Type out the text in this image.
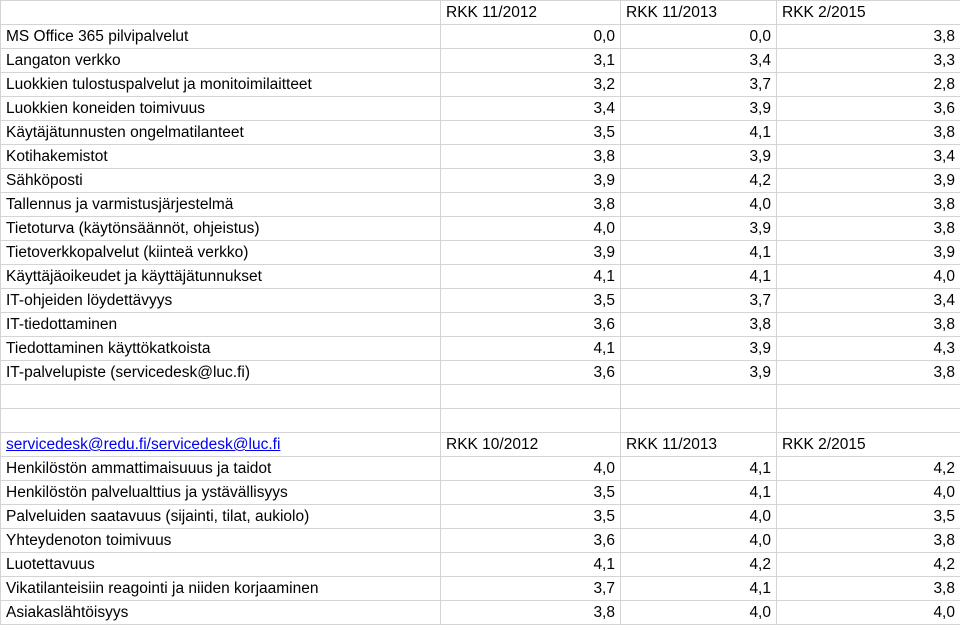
	RKK 11/2012	RKK 11/2013	RKK 2/2015
MS Office 365 pilvipalvelut	0,0	0,0	3,8
Langaton verkko	3,1	3,4	3,3
Luokkien tulostuspalvelut ja monitoimilaitteet	3,2	3,7	2,8
Luokkien koneiden toimivuus	3,4	3,9	3,6
Käytäjätunnusten ongelmatilanteet	3,5	4,1	3,8
Kotihakemistot	3,8	3,9	3,4
Sähköposti	3,9	4,2	3,9
Tallennus ja varmistusjärjestelmä	3,8	4,0	3,8
Tietoturva (käytönsäännöt, ohjeistus)	4,0	3,9	3,8
Tietoverkkopalvelut (kiinteä verkko)	3,9	4,1	3,9
Käyttäjäoikeudet ja käyttäjätunnukset	4,1	4,1	4,0
IT-ohjeiden löydettävyys	3,5	3,7	3,4
IT-tiedottaminen	3,6	3,8	3,8
Tiedottaminen käyttökatkoista	4,1	3,9	4,3
IT-palvelupiste (servicedesk@luc.fi)	3,6	3,9	3,8

servicedesk@redu.fi/servicedesk@luc.fi	RKK 10/2012	RKK 11/2013	RKK 2/2015
Henkilöstön ammattimaisuuus ja taidot	4,0	4,1	4,2
Henkilöstön palvelualttius ja ystävällisyys	3,5	4,1	4,0
Palveluiden saatavuus (sijainti, tilat, aukiolo)	3,5	4,0	3,5
Yhteydenoton toimivuus	3,6	4,0	3,8
Luotettavuus	4,1	4,2	4,2
Vikatilanteisiin reagointi ja niiden korjaaminen	3,7	4,1	3,8
Asiakaslähtöisyys	3,8	4,0	4,0
